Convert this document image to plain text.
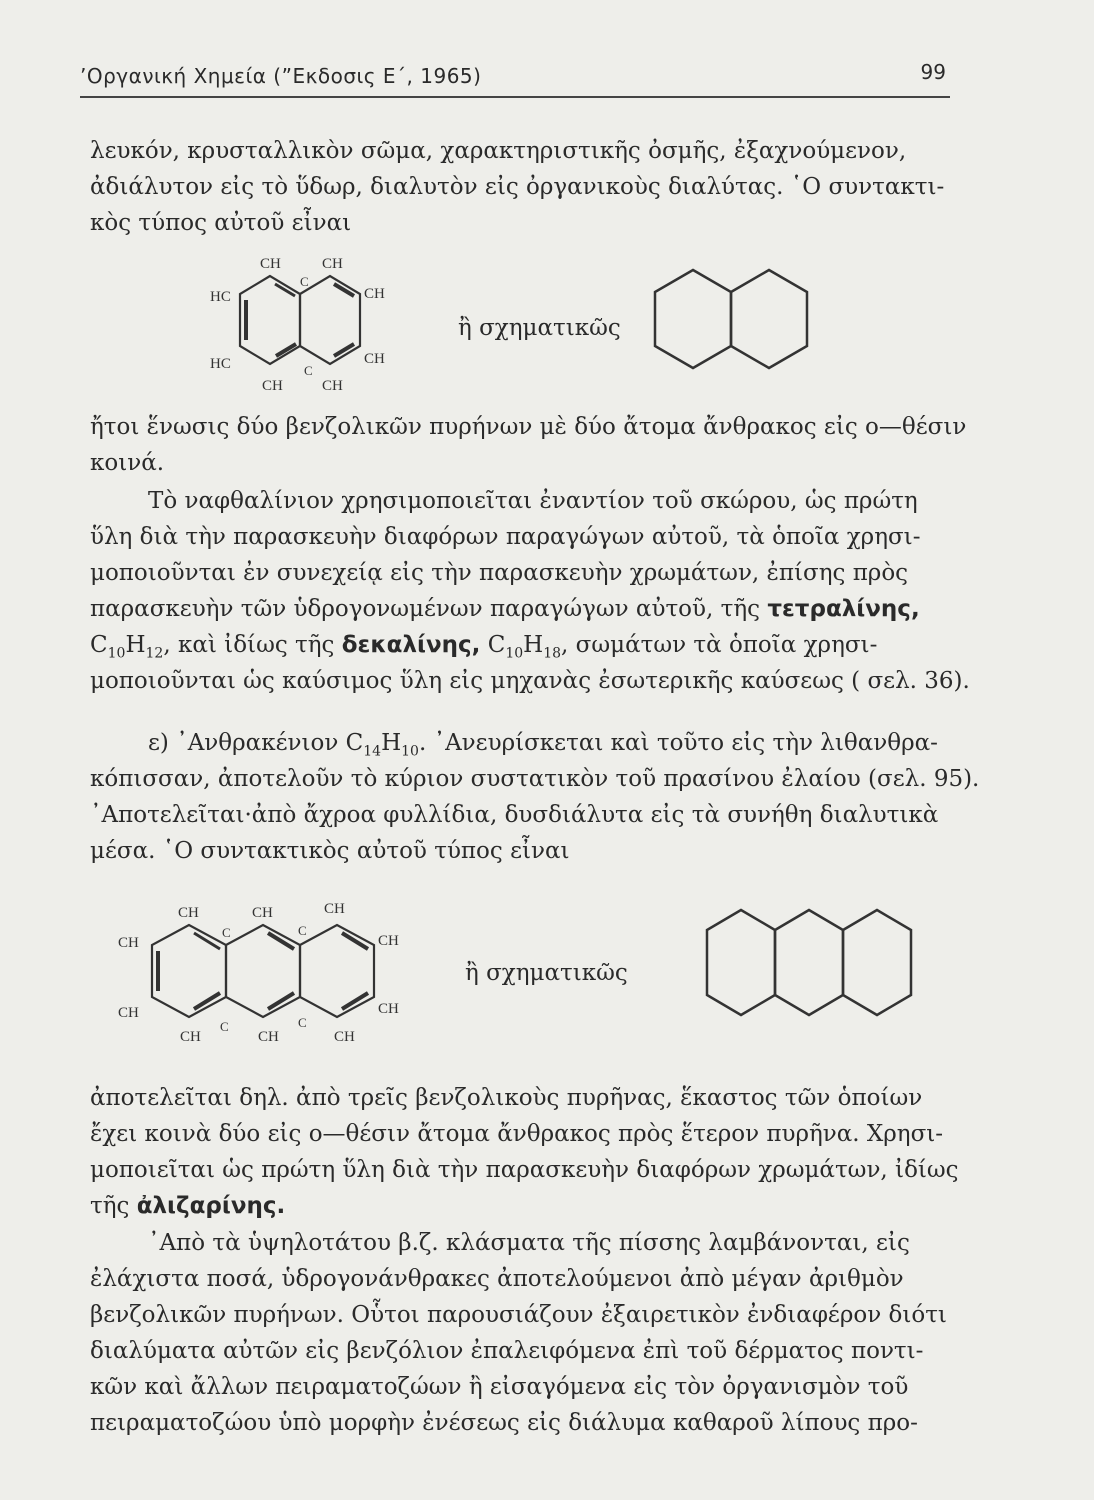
’Οργανική Χημεία (”Εκδοσις Ε΄, 1965)	99
λευκόν, κρυσταλλικὸν σῶμα, χαρακτηριστικῆς ὀσμῆς, ἐξαχνούμενον,
ἀδιάλυτον εἰς τὸ ὕδωρ, διαλυτὸν εἰς ὀργανικοὺς διαλύτας. ῾Ο συντακτι-
κὸς τύπος αὐτοῦ εἶναι
CH	CH
C
HC	CH
HC	C
CH
CH	CH
ἢ σχηματικῶς
ἤτοι ἕνωσις δύο βενζολικῶν πυρήνων μὲ δύο ἄτομα ἄνθρακος εἰς ο—θέσιν
κοινά.
Τὸ ναφθαλίνιον χρησιμοποιεῖται ἐναντίον τοῦ σκώρου, ὡς πρώτη
ὕλη διὰ τὴν παρασκευὴν διαφόρων παραγώγων αὐτοῦ, τὰ ὁποῖα χρησι-
μοποιοῦνται ἐν συνεχείᾳ εἰς τὴν παρασκευὴν χρωμάτων, ἐπίσης πρὸς
παρασκευὴν τῶν ὑδρογονωμένων παραγώγων αὐτοῦ, τῆς τετραλίνης,
$C_{10}H_{12}$, καὶ ἰδίως τῆς δεκαλίνης, $C_{10}H_{18}$, σωμάτων τὰ ὁποῖα χρησι-
μοποιοῦνται ὡς καύσιμος ὕλη εἰς μηχανὰς ἐσωτερικῆς καύσεως ( σελ. 36).
ε) ᾿Ανθρακένιον $C_{14}H_{10}$. ᾿Ανευρίσκεται καὶ τοῦτο εἰς τὴν λιθανθρα-
κόπισσαν, ἀποτελοῦν τὸ κύριον συστατικὸν τοῦ πρασίνου ἐλαίου (σελ. 95).
᾿Αποτελεῖται·ἀπὸ ἄχροα φυλλίδια, δυσδιάλυτα εἰς τὰ συνήθη διαλυτικὰ
μέσα. ῾Ο συντακτικὸς αὐτοῦ τύπος εἶναι
CH	CH	CH
C	C
CH	CH
CH	CH
C	C
CH	CH	CH
ἢ σχηματικῶς
ἀποτελεῖται δηλ. ἀπὸ τρεῖς βενζολικοὺς πυρῆνας, ἕκαστος τῶν ὁποίων
ἔχει κοινὰ δύο εἰς ο—θέσιν ἄτομα ἄνθρακος πρὸς ἕτερον πυρῆνα. Χρησι-
μοποιεῖται ὡς πρώτη ὕλη διὰ τὴν παρασκευὴν διαφόρων χρωμάτων, ἰδίως
τῆς ἀλιζαρίνης.
᾿Απὸ τὰ ὑψηλοτάτου β.ζ. κλάσματα τῆς πίσσης λαμβάνονται, εἰς
ἐλάχιστα ποσά, ὑδρογονάνθρακες ἀποτελούμενοι ἀπὸ μέγαν ἀριθμὸν
βενζολικῶν πυρήνων. Οὗτοι παρουσιάζουν ἐξαιρετικὸν ἐνδιαφέρον διότι
διαλύματα αὐτῶν εἰς βενζόλιον ἐπαλειφόμενα ἐπὶ τοῦ δέρματος ποντι-
κῶν καὶ ἄλλων πειραματοζώων ἢ εἰσαγόμενα εἰς τὸν ὀργανισμὸν τοῦ
πειραματοζώου ὑπὸ μορφὴν ἐνέσεως εἰς διάλυμα καθαροῦ λίπους προ-
